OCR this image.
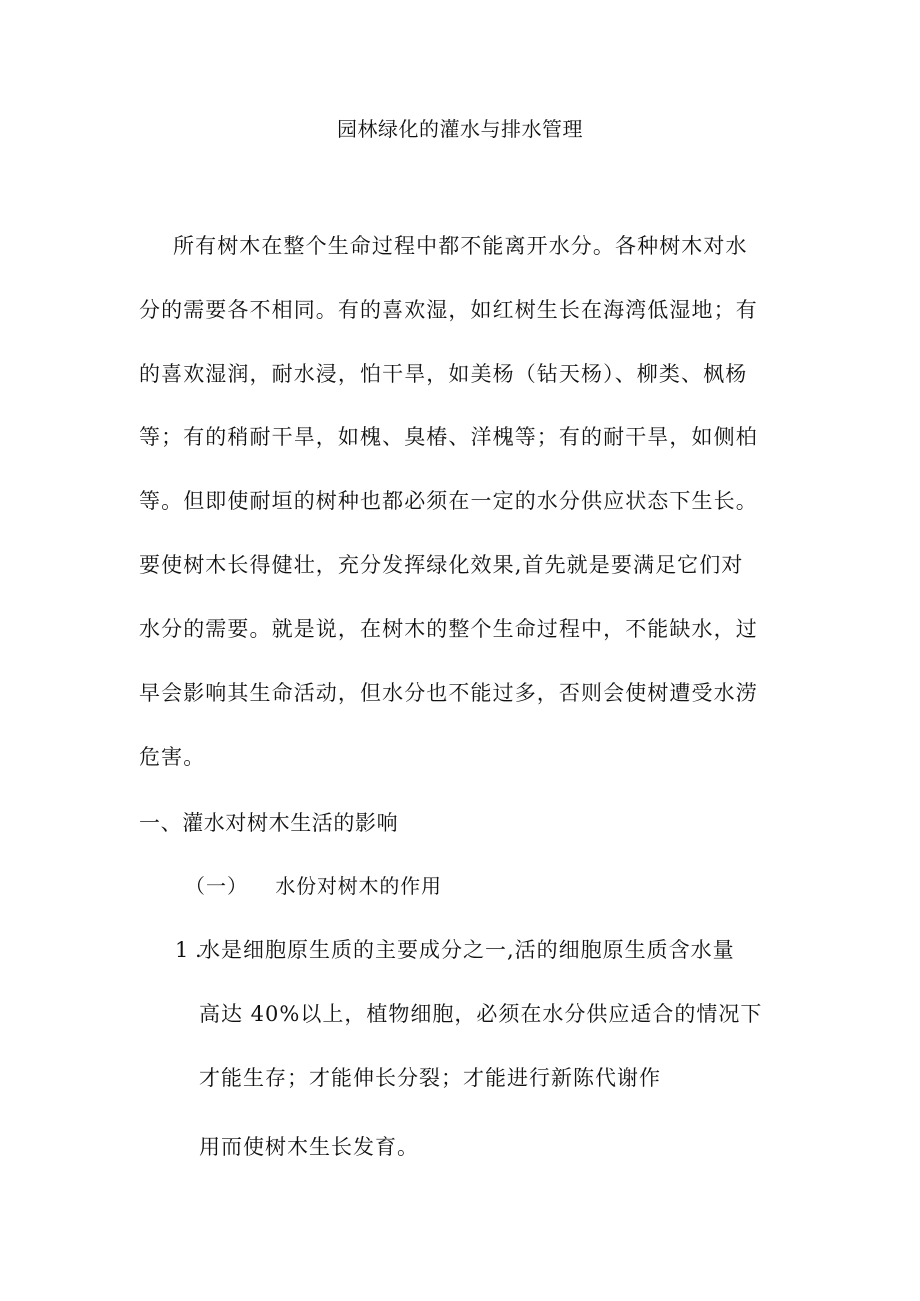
园林绿化的灌水与排水管理
所有树木在整个生命过程中都不能离开水分。各种树木对水
分的需要各不相同。有的喜欢湿，如红树生长在海湾低湿地；有
的喜欢湿润，耐水浸，怕干旱，如美杨（钻天杨）、柳类、枫杨
等；有的稍耐干旱，如槐、臭椿、洋槐等；有的耐干旱，如侧柏
等。但即使耐垣的树种也都必须在一定的水分供应状态下生长。
要使树木长得健壮，充分发挥绿化效果,首先就是要满足它们对
水分的需要。就是说，在树木的整个生命过程中，不能缺水，过
早会影响其生命活动，但水分也不能过多，否则会使树遭受水涝
危害。
一、灌水对树木生活的影响
（一） 水份对树木的作用
1 .
水是细胞原生质的主要成分之一,活的细胞原生质含水量
高达 40%以上，植物细胞，必须在水分供应适合的情况下
才能生存；才能伸长分裂；才能进行新陈代谢作
用而使树木生长发育。
